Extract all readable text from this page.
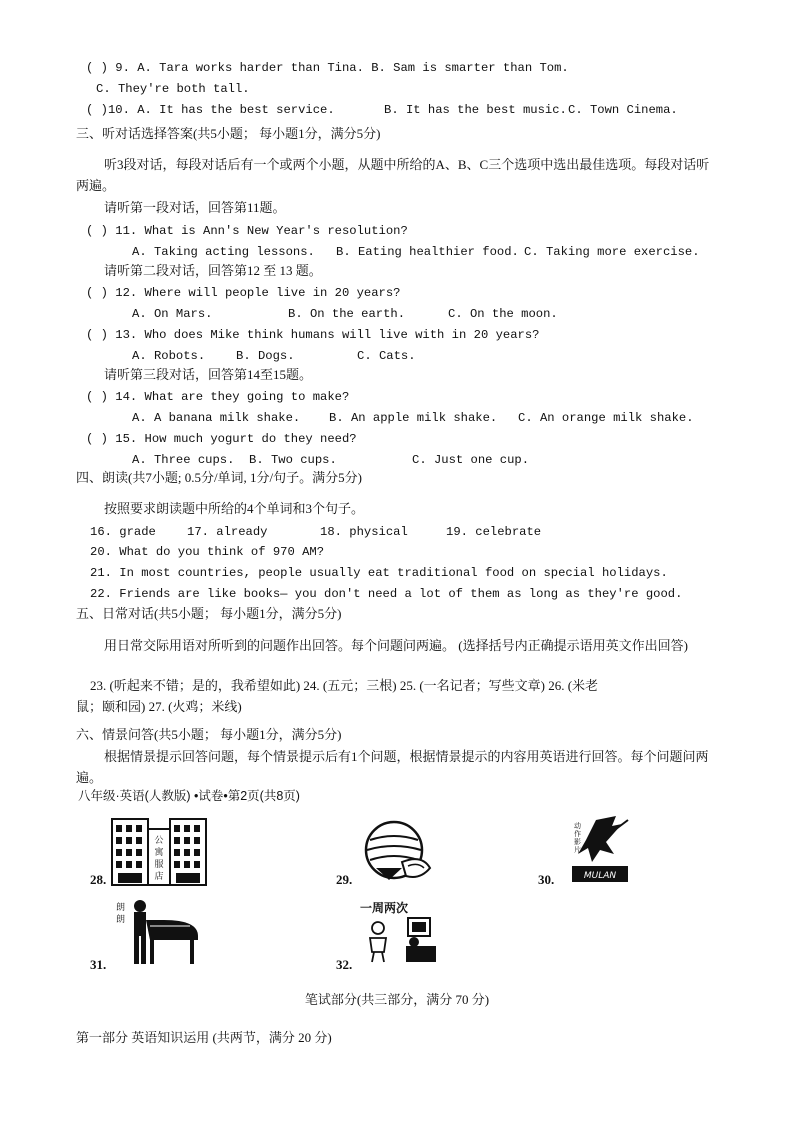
( ) 9. A. Tara works harder than Tina. B. Sam is smarter than Tom.
C. They're both tall.
( )10. A. It has the best service.	B. It has the best music. C. Town Cinema.
三、听对话选择答案(共5小题； 每小题1分，满分5分)
听3段对话，每段对话后有一个或两个小题，从题中所给的A、B、C三个选项中选出最佳选项。每段对话听两遍。
请听第一段对话，回答第11题。
( ) 11. What is Ann's New Year's resolution?
A. Taking acting lessons. B. Eating healthier food. C. Taking more exercise.
请听第二段对话，回答第12 至 13 题。
( ) 12. Where will people live in 20 years?
A. On Mars.	B. On the earth.	C. On the moon.
( ) 13. Who does Mike think humans will live with in 20 years?
A. Robots.	B. Dogs.	C. Cats.
请听第三段对话，回答第14至15题。
( ) 14. What are they going to make?
A. A banana milk shake. B. An apple milk shake. C. An orange milk shake.
( ) 15. How much yogurt do they need?
A. Three cups. B. Two cups.	C. Just one cup.
四、朗读(共7小题; 0.5分/单词, 1分/句子。满分5分)
按照要求朗读题中所给的4个单词和3个句子。
16. grade	17. already	18. physical	19. celebrate
20. What do you think of 970 AM?
21. In most countries, people usually eat traditional food on special holidays.
22. Friends are like books— you don't need a lot of them as long as they're good.
五、日常对话(共5小题； 每小题1分，满分5分)
用日常交际用语对所听到的问题作出回答。每个问题问两遍。 (选择括号内正确提示语用英文作出回答)
23. (听起来不错；是的，我希望如此) 24. (五元；三根) 25. (一名记者；写些文章) 26. (米老
鼠；颐和园) 27. (火鸡；米线)
六、情景问答(共5小题； 每小题1分，满分5分)
根据情景提示回答问题，每个情景提示后有1个问题，根据情景提示的内容用英语进行回答。每个问题问两遍。
八年级·英语(人教版) •试卷•第2页(共8页)
28.
公
寓
服
店	29.	30.	MULAN
动
作
影
片
31.
朗
朗
32.
一周两次
笔试部分(共三部分，满分 70 分)
第一部分 英语知识运用 (共两节，满分 20 分)
